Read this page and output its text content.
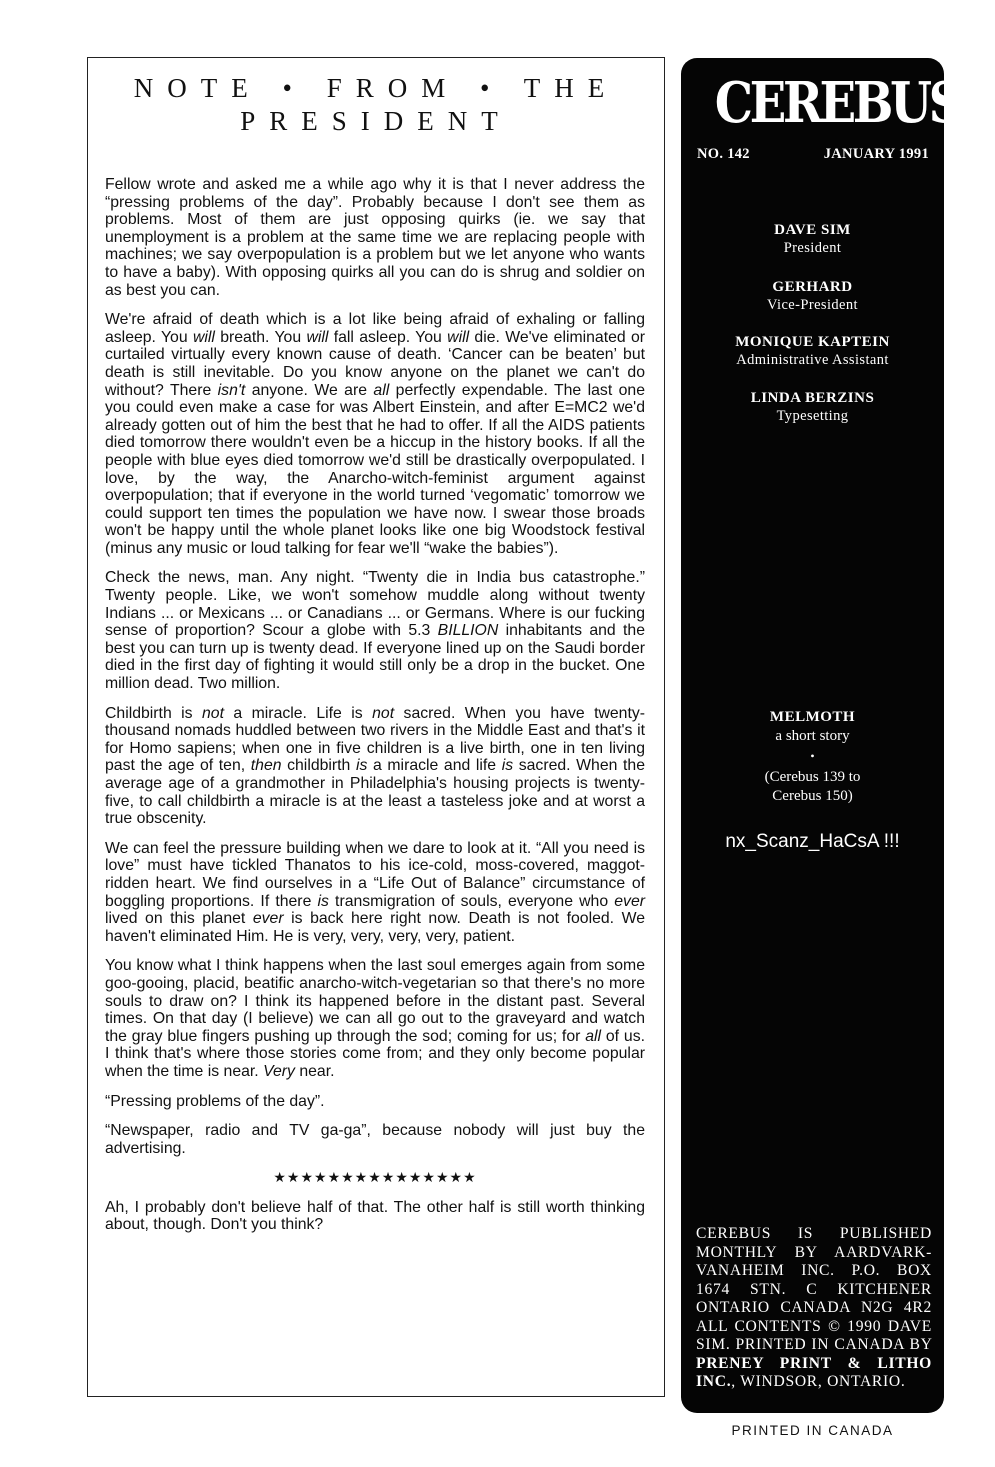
NOTE • FROM • THE
PRESIDENT

Fellow wrote and asked me a while ago why it is that I never address the “pressing problems of the day”. Probably because I don't see them as problems. Most of them are just opposing quirks (ie. we say that unemployment is a problem at the same time we are replacing people with machines; we say overpopulation is a problem but we let anyone who wants to have a baby). With opposing quirks all you can do is shrug and soldier on as best you can.

We're afraid of death which is a lot like being afraid of exhaling or falling asleep. You will breath. You will fall asleep. You will die. We've eliminated or curtailed virtually every known cause of death. ‘Cancer can be beaten’ but death is still inevitable. Do you know anyone on the planet we can't do without? There isn't anyone. We are all perfectly expendable. The last one you could even make a case for was Albert Einstein, and after E=MC2 we'd already gotten out of him the best that he had to offer. If all the AIDS patients died tomorrow there wouldn't even be a hiccup in the history books. If all the people with blue eyes died tomorrow we'd still be drastically overpopulated. I love, by the way, the Anarcho-witch-feminist argument against overpopulation; that if everyone in the world turned ‘vegomatic’ tomorrow we could support ten times the population we have now. I swear those broads won't be happy until the whole planet looks like one big Woodstock festival (minus any music or loud talking for fear we'll “wake the babies”).

Check the news, man. Any night. “Twenty die in India bus catastrophe.” Twenty people. Like, we won't somehow muddle along without twenty Indians ... or Mexicans ... or Canadians ... or Germans. Where is our fucking sense of proportion? Scour a globe with 5.3 BILLION inhabitants and the best you can turn up is twenty dead. If everyone lined up on the Saudi border died in the first day of fighting it would still only be a drop in the bucket. One million dead. Two million.

Childbirth is not a miracle. Life is not sacred. When you have twenty-thousand nomads huddled between two rivers in the Middle East and that's it for Homo sapiens; when one in five children is a live birth, one in ten living past the age of ten, then childbirth is a miracle and life is sacred. When the average age of a grandmother in Philadelphia's housing projects is twenty-five, to call childbirth a miracle is at the least a tasteless joke and at worst a true obscenity.

We can feel the pressure building when we dare to look at it. “All you need is love” must have tickled Thanatos to his ice-cold, moss-covered, maggot-ridden heart. We find ourselves in a “Life Out of Balance” circumstance of boggling proportions. If there is transmigration of souls, everyone who ever lived on this planet ever is back here right now. Death is not fooled. We haven't eliminated Him. He is very, very, very, very, patient.

You know what I think happens when the last soul emerges again from some goo-gooing, placid, beatific anarcho-witch-vegetarian so that there's no more souls to draw on? I think its happened before in the distant past. Several times. On that day (I believe) we can all go out to the graveyard and watch the gray blue fingers pushing up through the sod; coming for us; for all of us. I think that's where those stories come from; and they only become popular when the time is near. Very near.

“Pressing problems of the day”.

“Newspaper, radio and TV ga-ga”, because nobody will just buy the advertising.

★★★★★★★★★★★★★★★

Ah, I probably don't believe half of that. The other half is still worth thinking about, though. Don't you think?

CEREBUS
NO. 142	JANUARY 1991
DAVE SIM
President
GERHARD
Vice-President
MONIQUE KAPTEIN
Administrative Assistant
LINDA BERZINS
Typesetting
MELMOTH
a short story
•
(Cerebus 139 to
Cerebus 150)
nx_Scanz_HaCsA !!!
CEREBUS IS PUBLISHED MONTHLY BY AARDVARK-VANAHEIM INC. P.O. BOX 1674 STN. C KITCHENER ONTARIO CANADA N2G 4R2 ALL CONTENTS © 1990 DAVE SIM. PRINTED IN CANADA BY PRENEY PRINT & LITHO INC., WINDSOR, ONTARIO.
PRINTED IN CANADA
